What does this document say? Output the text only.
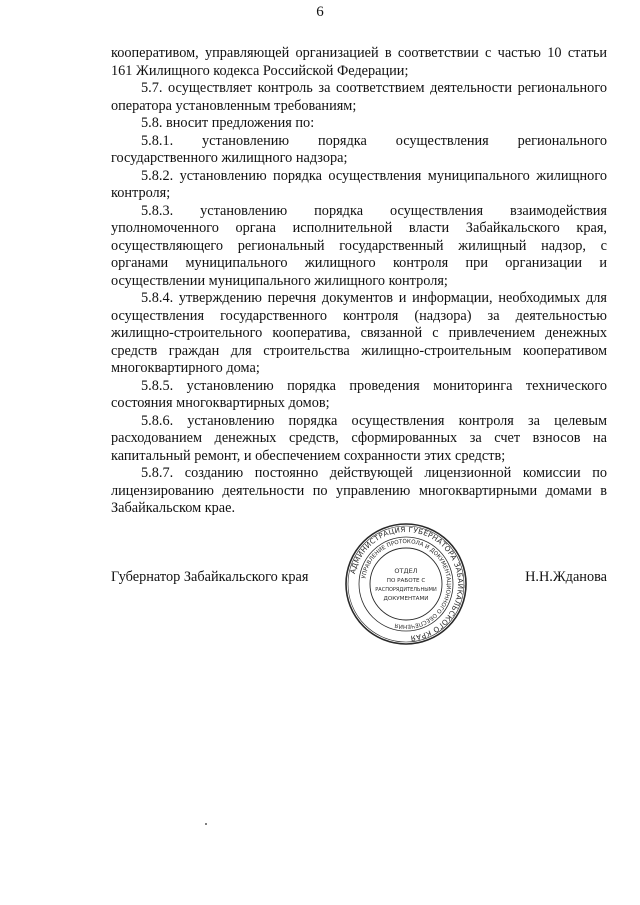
6

кооперативом, управляющей организацией в соответствии с частью 10 статьи 161 Жилищного кодекса Российской Федерации;

5.7. осуществляет контроль за соответствием деятельности регионального оператора установленным требованиям;

5.8. вносит предложения по:

5.8.1. установлению порядка осуществления регионального государственного жилищного надзора;

5.8.2. установлению порядка осуществления муниципального жилищного контроля;

5.8.3. установлению порядка осуществления взаимодействия уполномоченного органа исполнительной власти Забайкальского края, осуществляющего региональный государственный жилищный надзор, с органами муниципального жилищного контроля при организации и осуществлении муниципального жилищного контроля;

5.8.4. утверждению перечня документов и информации, необходимых для осуществления государственного контроля (надзора) за деятельностью жилищно-строительного кооператива, связанной с привлечением денежных средств граждан для строительства жилищно-строительным кооперативом многоквартирного дома;

5.8.5. установлению порядка проведения мониторинга технического состояния многоквартирных домов;

5.8.6. установлению порядка осуществления контроля за целевым расходованием денежных средств, сформированных за счет взносов на капитальный ремонт, и обеспечением сохранности этих средств;

5.8.7. созданию постоянно действующей лицензионной комиссии по лицензированию деятельности по управлению многоквартирными домами в Забайкальском крае.

Губернатор Забайкальского края	Н.Н.Жданова
АДМИНИСТРАЦИЯ ГУБЕРНАТОРА ЗАБАЙКАЛЬСКОГО КРАЯ
УПРАВЛЕНИЕ ПРОТОКОЛА И ДОКУМЕНТАЦИОННОГО ОБЕСПЕЧЕНИЯ
ОТДЕЛ
ПО РАБОТЕ С
РАСПОРЯДИТЕЛЬНЫМИ
ДОКУМЕНТАМИ
